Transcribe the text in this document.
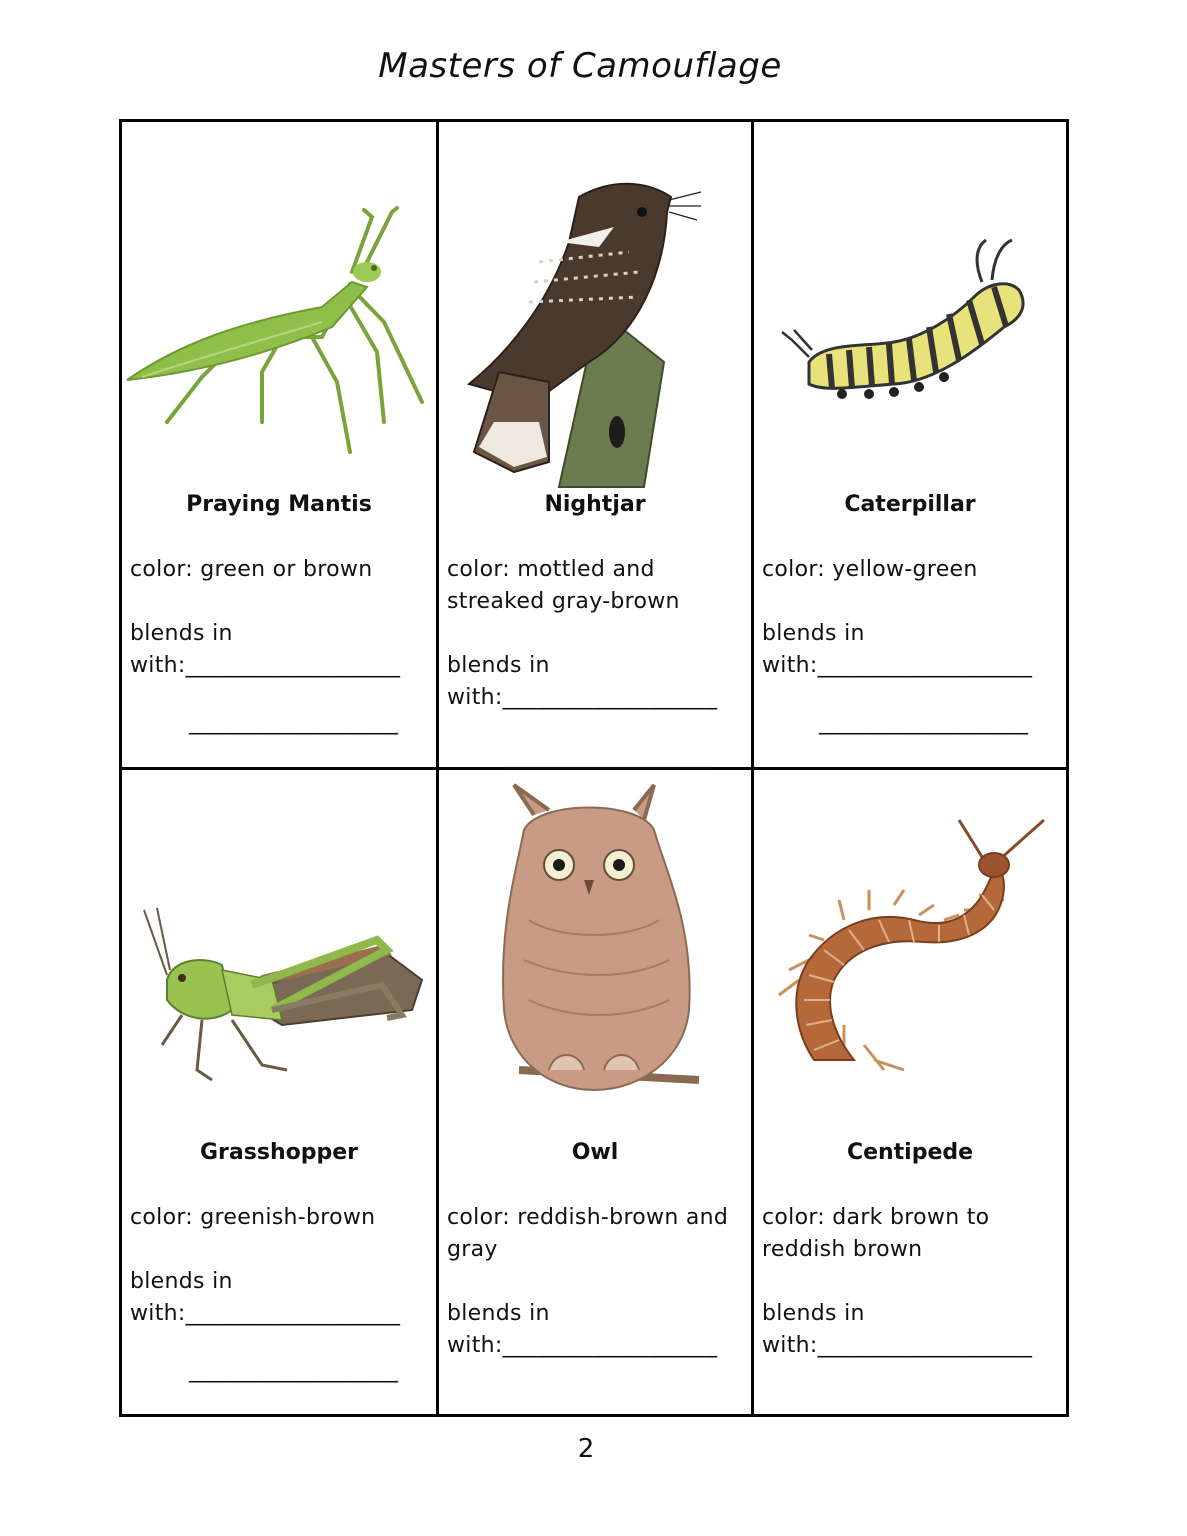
Masters of Camouflage

Praying Mantis

color: green or brown

blends in

with:___________________

___________________

Nightjar

color: mottled and

streaked gray-brown

blends in

with:___________________

___________________

Caterpillar

color: yellow-green

blends in

with:___________________

___________________

Grasshopper

color: greenish-brown

blends in

with:___________________

___________________

Owl

color: reddish-brown and

gray

blends in

with:___________________

Centipede

color: dark brown to

reddish brown

blends in

with:___________________

2
